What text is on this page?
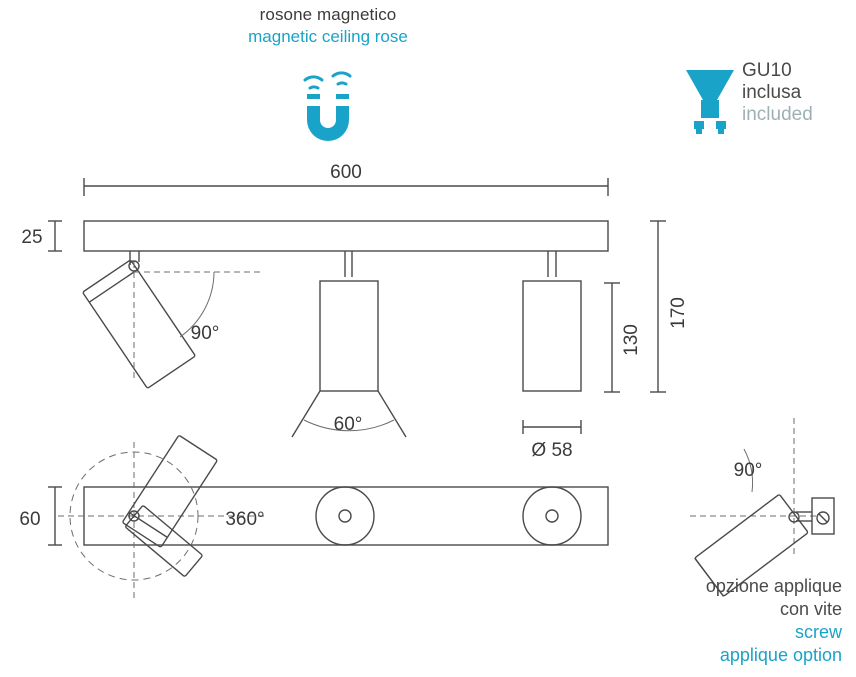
rosone magnetico
magnetic ceiling rose
GU10
inclusa
included
600
25
170
130
Ø 58
90°
60°
60	360°
90°
opzione applique
con vite
screw
applique option
